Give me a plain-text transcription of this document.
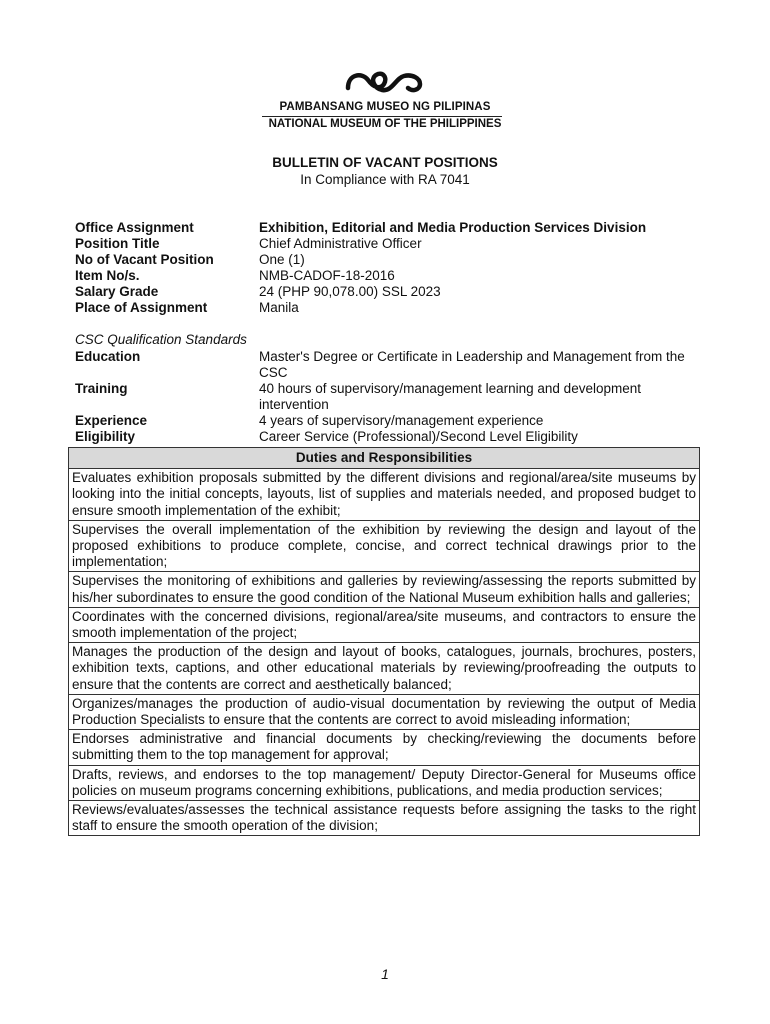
PAMBANSANG MUSEO NG PILIPINAS
NATIONAL MUSEUM OF THE PHILIPPINES
BULLETIN OF VACANT POSITIONS
In Compliance with RA 7041
Office Assignment	Exhibition, Editorial and Media Production Services Division
Position Title	Chief Administrative Officer
No of Vacant Position	One (1)
Item No/s.	NMB-CADOF-18-2016
Salary Grade	24 (PHP 90,078.00) SSL 2023
Place of Assignment	Manila
CSC Qualification Standards
Education	Master's Degree or Certificate in Leadership and Management from the CSC
Training	40 hours of supervisory/management learning and development intervention
Experience	4 years of supervisory/management experience
Eligibility	Career Service (Professional)/Second Level Eligibility
Duties and Responsibilities
Evaluates exhibition proposals submitted by the different divisions and regional/area/site museums by looking into the initial concepts, layouts, list of supplies and materials needed, and proposed budget to ensure smooth implementation of the exhibit;
Supervises the overall implementation of the exhibition by reviewing the design and layout of the proposed exhibitions to produce complete, concise, and correct technical drawings prior to the implementation;
Supervises the monitoring of exhibitions and galleries by reviewing/assessing the reports submitted by his/her subordinates to ensure the good condition of the National Museum exhibition halls and galleries;
Coordinates with the concerned divisions, regional/area/site museums, and contractors to ensure the smooth implementation of the project;
Manages the production of the design and layout of books, catalogues, journals, brochures, posters, exhibition texts, captions, and other educational materials by reviewing/proofreading the outputs to ensure that the contents are correct and aesthetically balanced;
Organizes/manages the production of audio-visual documentation by reviewing the output of Media Production Specialists to ensure that the contents are correct to avoid misleading information;
Endorses administrative and financial documents by checking/reviewing the documents before submitting them to the top management for approval;
Drafts, reviews, and endorses to the top management/ Deputy Director-General for Museums office policies on museum programs concerning exhibitions, publications, and media production services;
Reviews/evaluates/assesses the technical assistance requests before assigning the tasks to the right staff to ensure the smooth operation of the division;
1
